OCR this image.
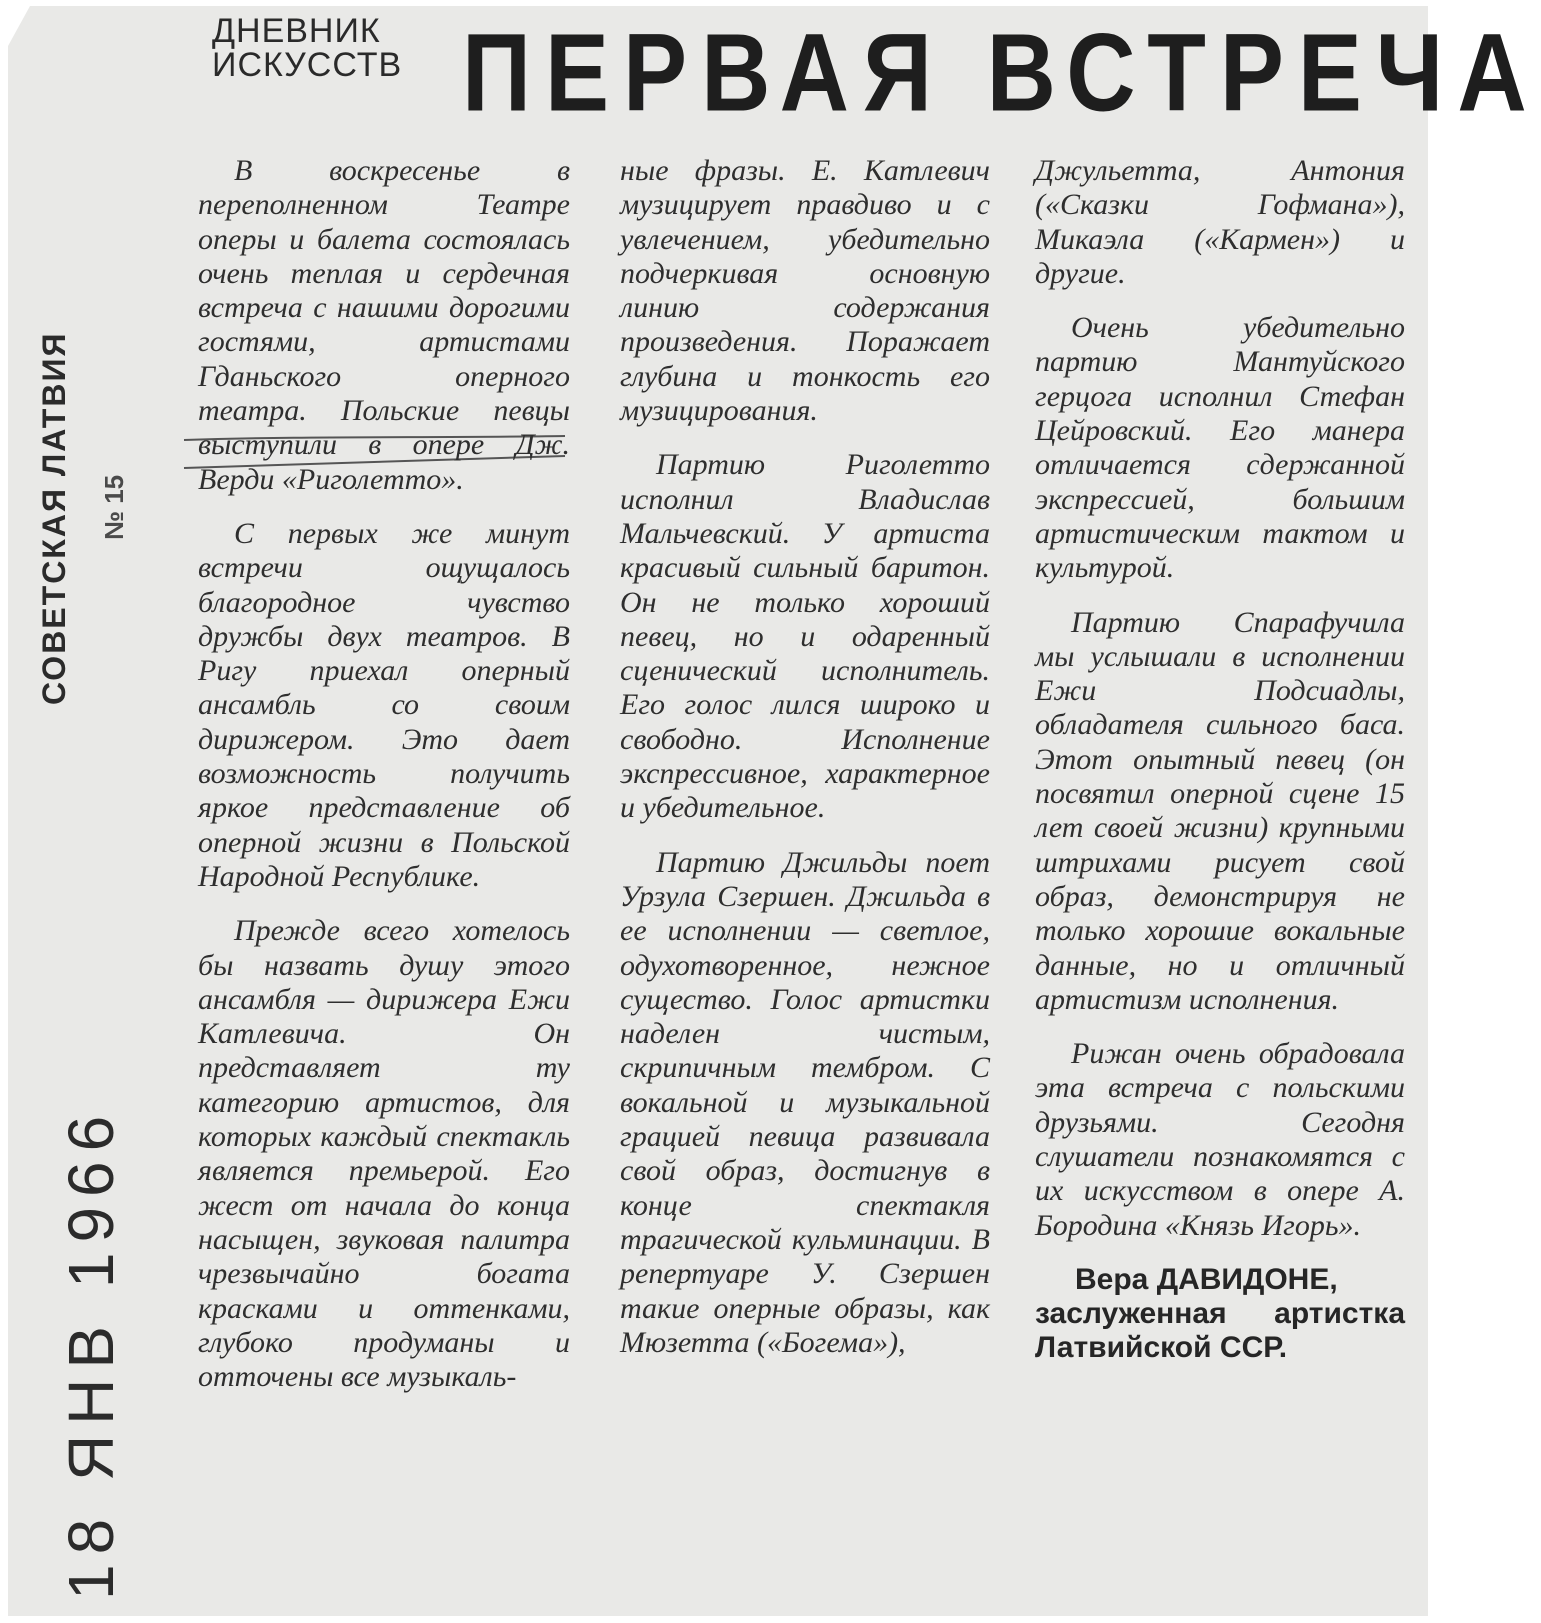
ДНЕВНИК
ИСКУССТВ ПЕРВАЯ ВСТРЕЧА
СОВЕТСКАЯ ЛАТВИЯ № 15
18 ЯНВ 1966

В воскресенье в переполненном Театре оперы и балета состоялась очень теплая и сердечная встреча с нашими дорогими гостями, артистами Гданьского оперного театра. Польские певцы выступили в опере Дж. Верди «Риголетто».

С первых же минут встречи ощущалось благородное чувство дружбы двух театров. В Ригу приехал оперный ансамбль со своим дирижером. Это дает возможность получить яркое представление об оперной жизни в Польской Народной Республике.

Прежде всего хотелось бы назвать душу этого ансамбля — дирижера Ежи Катлевича. Он представляет ту категорию артистов, для которых каждый спектакль является премьерой. Его жест от начала до конца насыщен, звуковая палитра чрезвычайно богата красками и оттенками, глубоко продуманы и отточены все музыкаль-

ные фразы. Е. Катлевич музицирует правдиво и с увлечением, убедительно подчеркивая основную линию содержания произведения. Поражает глубина и тонкость его музицирования.

Партию Риголетто исполнил Владислав Мальчевский. У артиста красивый сильный баритон. Он не только хороший певец, но и одаренный сценический исполнитель. Его голос лился широко и свободно. Исполнение экспрессивное, характерное и убедительное.

Партию Джильды поет Урзула Сзершен. Джильда в ее исполнении — светлое, одухотворенное, нежное существо. Голос артистки наделен чистым, скрипичным тембром. С вокальной и музыкальной грацией певица развивала свой образ, достигнув в конце спектакля трагической кульминации. В репертуаре У. Сзершен такие оперные образы, как Мюзетта («Богема»),

Джульетта, Антония («Сказки Гофмана»), Микаэла («Кармен») и другие.

Очень убедительно партию Мантуйского герцога исполнил Стефан Цейровский. Его манера отличается сдержанной экспрессией, большим артистическим тактом и культурой.

Партию Спарафучила мы услышали в исполнении Ежи Подсиадлы, обладателя сильного баса. Этот опытный певец (он посвятил оперной сцене 15 лет своей жизни) крупными штрихами рисует свой образ, демонстрируя не только хорошие вокальные данные, но и отличный артистизм исполнения.

Рижан очень обрадовала эта встреча с польскими друзьями. Сегодня слушатели познакомятся с их искусством в опере А. Бородина «Князь Игорь».

Вера ДАВИДОНЕ,
заслуженная артистка Латвийской ССР.
